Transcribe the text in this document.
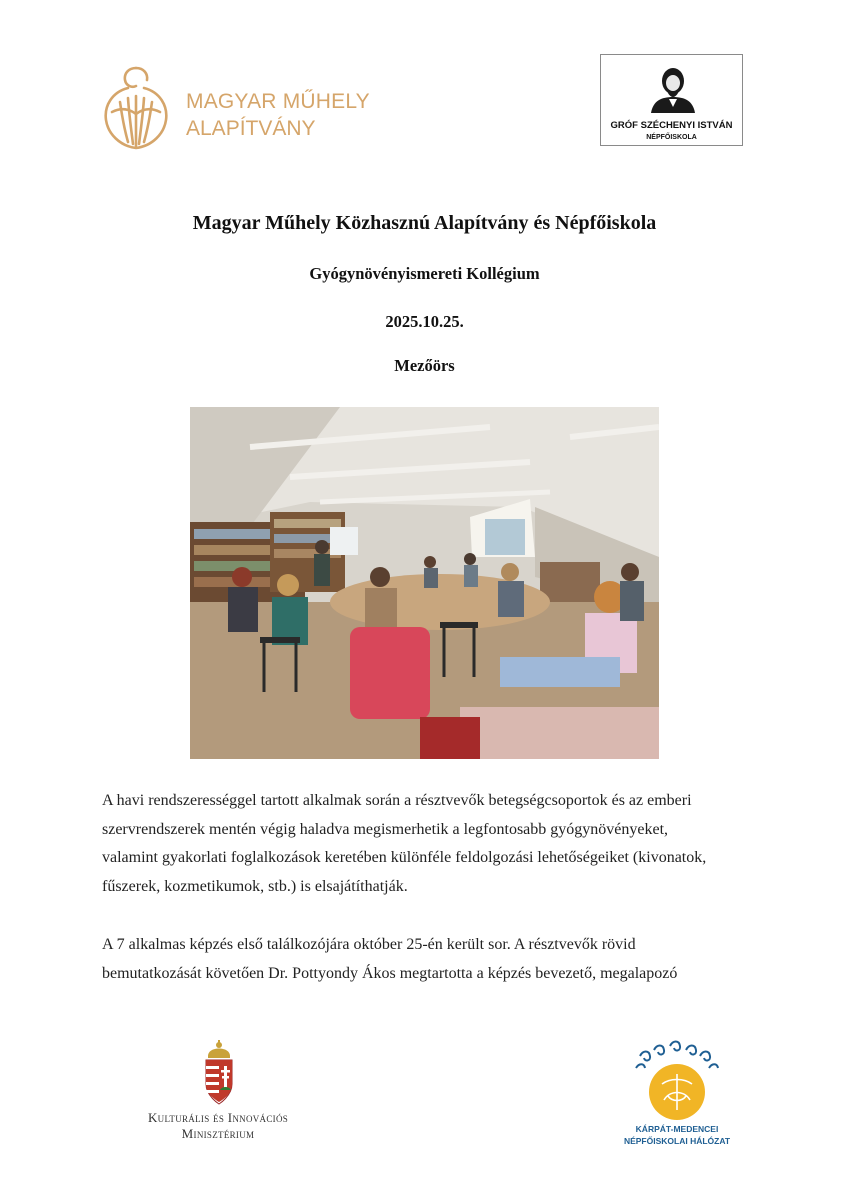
MAGYAR MŰHELY
ALAPÍTVÁNY	GRÓF SZÉCHENYI ISTVÁN
NÉPFŐISKOLA
Magyar Műhely Közhasznú Alapítvány és Népfőiskola
Gyógynövényismereti Kollégium
2025.10.25.
Mezőörs
A havi rendszerességgel tartott alkalmak során a résztvevők betegségcsoportok és az emberi
szervrendszerek mentén végig haladva megismerhetik a legfontosabb gyógynövényeket,
valamint gyakorlati foglalkozások keretében különféle feldolgozási lehetőségeiket (kivonatok,
fűszerek, kozmetikumok, stb.) is elsajátíthatják.
A 7 alkalmas képzés első találkozójára október 25-én került sor. A résztvevők rövid
bemutatkozását követően Dr. Pottyondy Ákos megtartotta a képzés bevezető, megalapozó
Kulturális és Innovációs
Minisztérium	KÁRPÁT-MEDENCEI
NÉPFŐISKOLAI HÁLÓZAT
